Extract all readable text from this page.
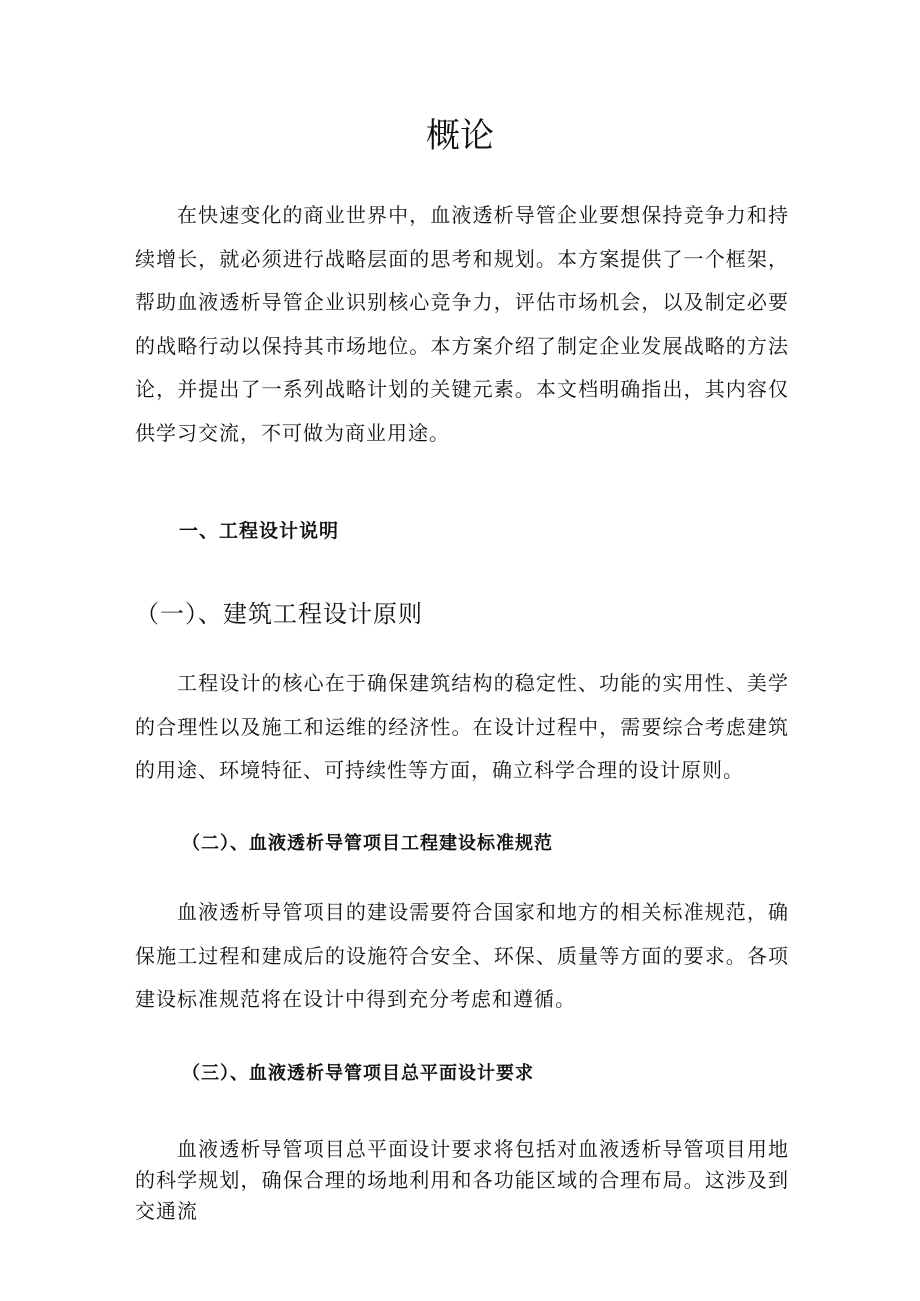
概论

在快速变化的商业世界中，血液透析导管企业要想保持竞争力和持续增长，就必须进行战略层面的思考和规划。本方案提供了一个框架，帮助血液透析导管企业识别核心竞争力，评估市场机会，以及制定必要的战略行动以保持其市场地位。本方案介绍了制定企业发展战略的方法论，并提出了一系列战略计划的关键元素。本文档明确指出，其内容仅供学习交流，不可做为商业用途。

一、工程设计说明
（一）、建筑工程设计原则

工程设计的核心在于确保建筑结构的稳定性、功能的实用性、美学的合理性以及施工和运维的经济性。在设计过程中，需要综合考虑建筑的用途、环境特征、可持续性等方面，确立科学合理的设计原则。

（二）、血液透析导管项目工程建设标准规范

血液透析导管项目的建设需要符合国家和地方的相关标准规范，确保施工过程和建成后的设施符合安全、环保、质量等方面的要求。各项建设标准规范将在设计中得到充分考虑和遵循。

（三）、血液透析导管项目总平面设计要求

血液透析导管项目总平面设计要求将包括对血液透析导管项目用地的科学规划，确保合理的场地利用和各功能区域的合理布局。这涉及到交通流
